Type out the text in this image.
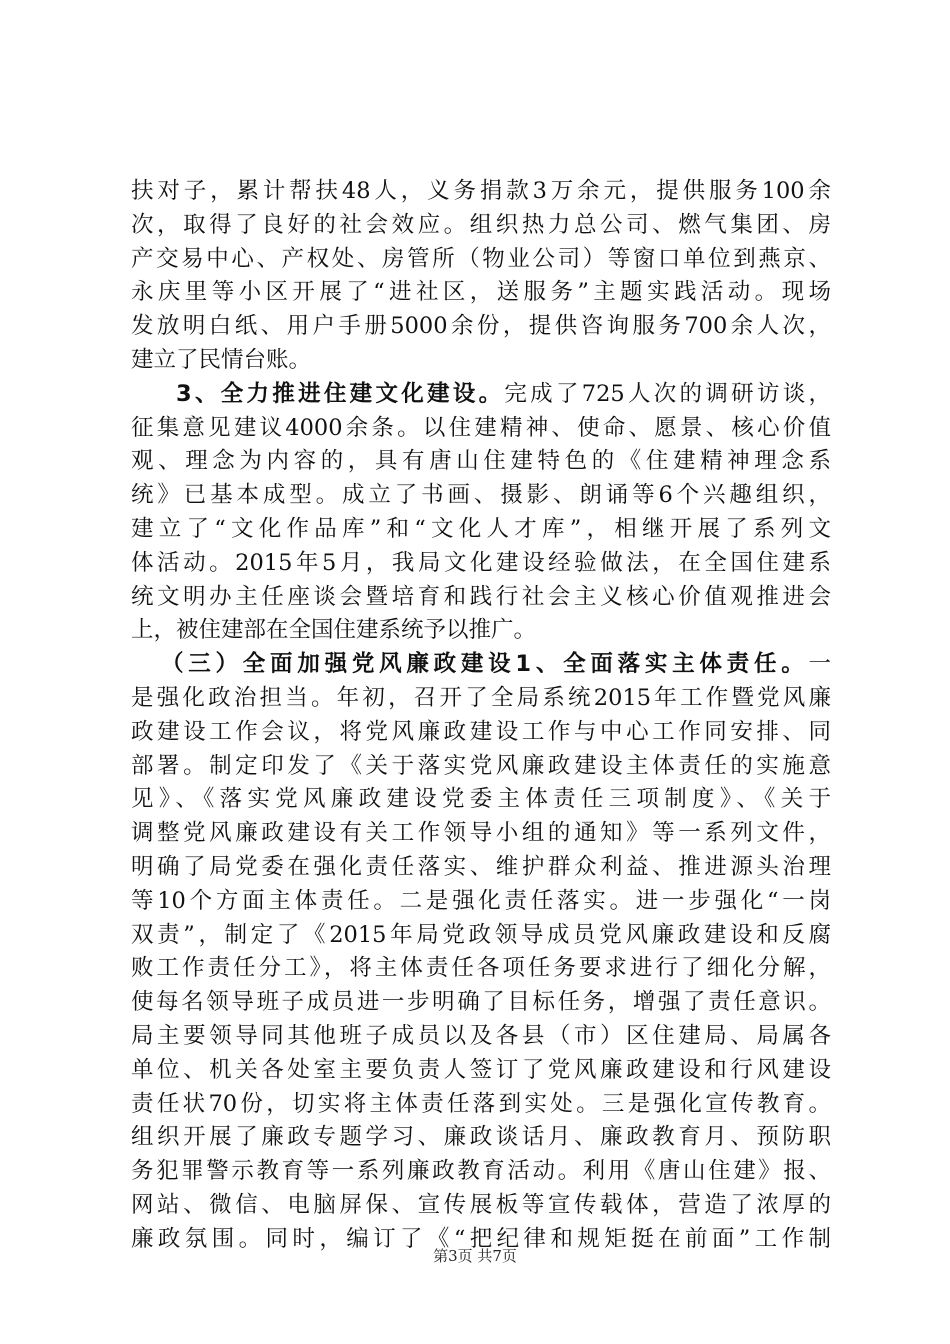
扶对子，累计帮扶48人，义务捐款3万余元，提供服务100余
次，取得了良好的社会效应。组织热力总公司、燃气集团、房
产交易中心、产权处、房管所（物业公司）等窗口单位到燕京、
永庆里等小区开展了“进社区，送服务”主题实践活动。现场
发放明白纸、用户手册5000余份，提供咨询服务700余人次，
建立了民情台账。
3、全力推进住建文化建设。完成了725人次的调研访谈，
征集意见建议4000余条。以住建精神、使命、愿景、核心价值
观、理念为内容的，具有唐山住建特色的《住建精神理念系
统》已基本成型。成立了书画、摄影、朗诵等6个兴趣组织，
建立了“文化作品库”和“文化人才库”，相继开展了系列文
体活动。2015年5月，我局文化建设经验做法，在全国住建系
统文明办主任座谈会暨培育和践行社会主义核心价值观推进会
上，被住建部在全国住建系统予以推广。
（三）全面加强党风廉政建设1、全面落实主体责任。一
是强化政治担当。年初，召开了全局系统2015年工作暨党风廉
政建设工作会议，将党风廉政建设工作与中心工作同安排、同
部署。制定印发了《关于落实党风廉政建设主体责任的实施意
见》、《落实党风廉政建设党委主体责任三项制度》、《关于
调整党风廉政建设有关工作领导小组的通知》等一系列文件，
明确了局党委在强化责任落实、维护群众利益、推进源头治理
等10个方面主体责任。二是强化责任落实。进一步强化“一岗
双责”，制定了《2015年局党政领导成员党风廉政建设和反腐
败工作责任分工》，将主体责任各项任务要求进行了细化分解，
使每名领导班子成员进一步明确了目标任务，增强了责任意识。
局主要领导同其他班子成员以及各县（市）区住建局、局属各
单位、机关各处室主要负责人签订了党风廉政建设和行风建设
责任状70份，切实将主体责任落到实处。三是强化宣传教育。
组织开展了廉政专题学习、廉政谈话月、廉政教育月、预防职
务犯罪警示教育等一系列廉政教育活动。利用《唐山住建》报、
网站、微信、电脑屏保、宣传展板等宣传载体，营造了浓厚的
廉政氛围。同时，编订了《“把纪律和规矩挺在前面”工作制
第3页 共7页
